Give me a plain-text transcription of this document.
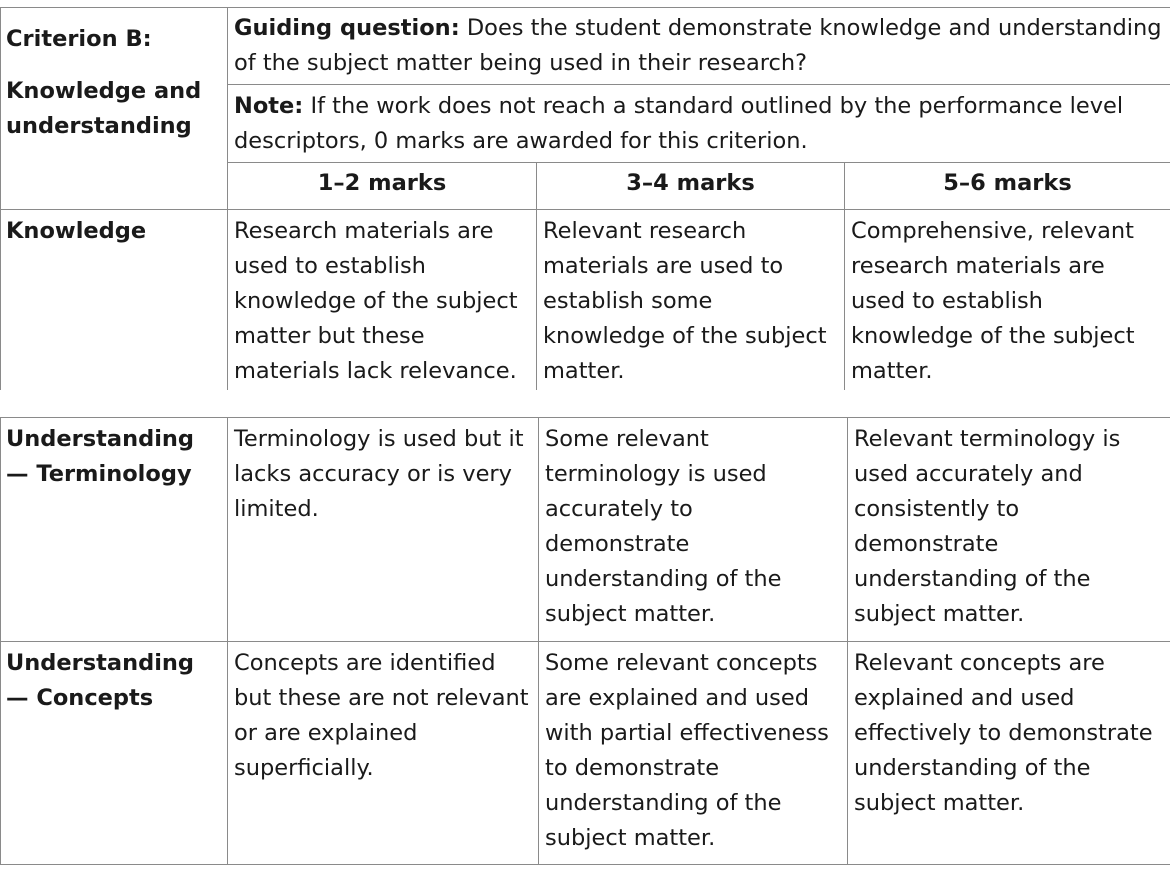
Criterion B:
Knowledge and understanding	Guiding question: Does the student demonstrate knowledge and understanding of the subject matter being used in their research?		
	Note: If the work does not reach a standard outlined by the performance level descriptors, 0 marks are awarded for this criterion.		
	1–2 marks	3–4 marks	5–6 marks
Knowledge	Research materials are used to establish knowledge of the subject matter but these materials lack relevance.	Relevant research materials are used to establish some knowledge of the subject matter.	Comprehensive, relevant research materials are used to establish knowledge of the subject matter.
Understanding — Terminology	Terminology is used but it lacks accuracy or is very limited.	Some relevant terminology is used accurately to demonstrate understanding of the subject matter.	Relevant terminology is used accurately and consistently to demonstrate understanding of the subject matter.
Understanding — Concepts	Concepts are identified but these are not relevant or are explained superficially.	Some relevant concepts are explained and used with partial effectiveness to demonstrate understanding of the subject matter.	Relevant concepts are explained and used effectively to demonstrate understanding of the subject matter.
